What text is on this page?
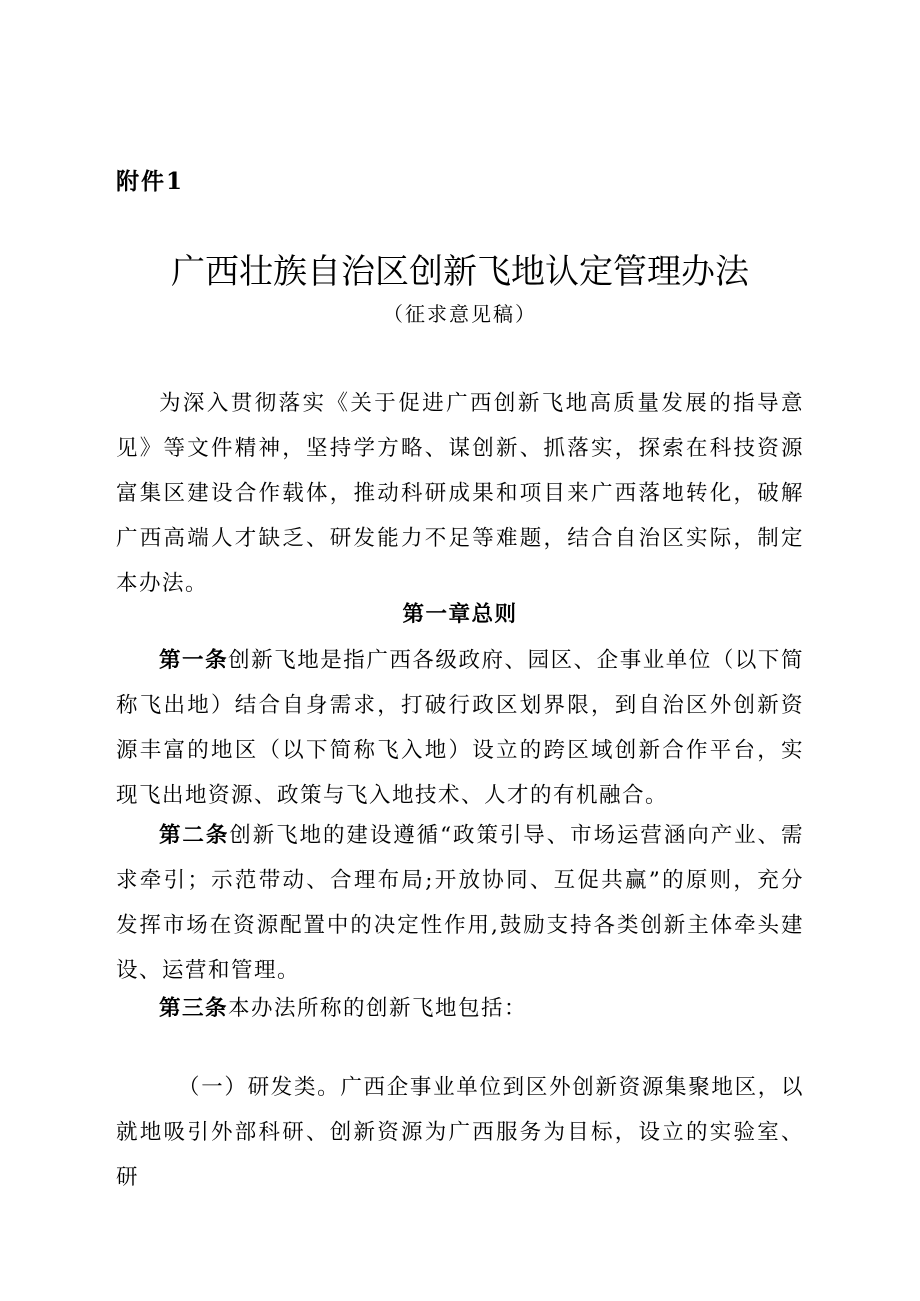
附件1
广西壮族自治区创新飞地认定管理办法
（征求意见稿）

为深入贯彻落实《关于促进广西创新飞地高质量发展的指导意见》等文件精神，坚持学方略、谋创新、抓落实，探索在科技资源富集区建设合作载体，推动科研成果和项目来广西落地转化，破解广西高端人才缺乏、研发能力不足等难题，结合自治区实际，制定本办法。

第一章总则

第一条创新飞地是指广西各级政府、园区、企事业单位（以下简称飞出地）结合自身需求，打破行政区划界限，到自治区外创新资源丰富的地区（以下简称飞入地）设立的跨区域创新合作平台，实现飞出地资源、政策与飞入地技术、人才的有机融合。

第二条创新飞地的建设遵循“政策引导、市场运营涵向产业、需求牵引；示范带动、合理布局;开放协同、互促共赢”的原则，充分发挥市场在资源配置中的决定性作用,鼓励支持各类创新主体牵头建设、运营和管理。

第三条本办法所称的创新飞地包括：

（一）研发类。广西企事业单位到区外创新资源集聚地区，以就地吸引外部科研、创新资源为广西服务为目标，设立的实验室、研
